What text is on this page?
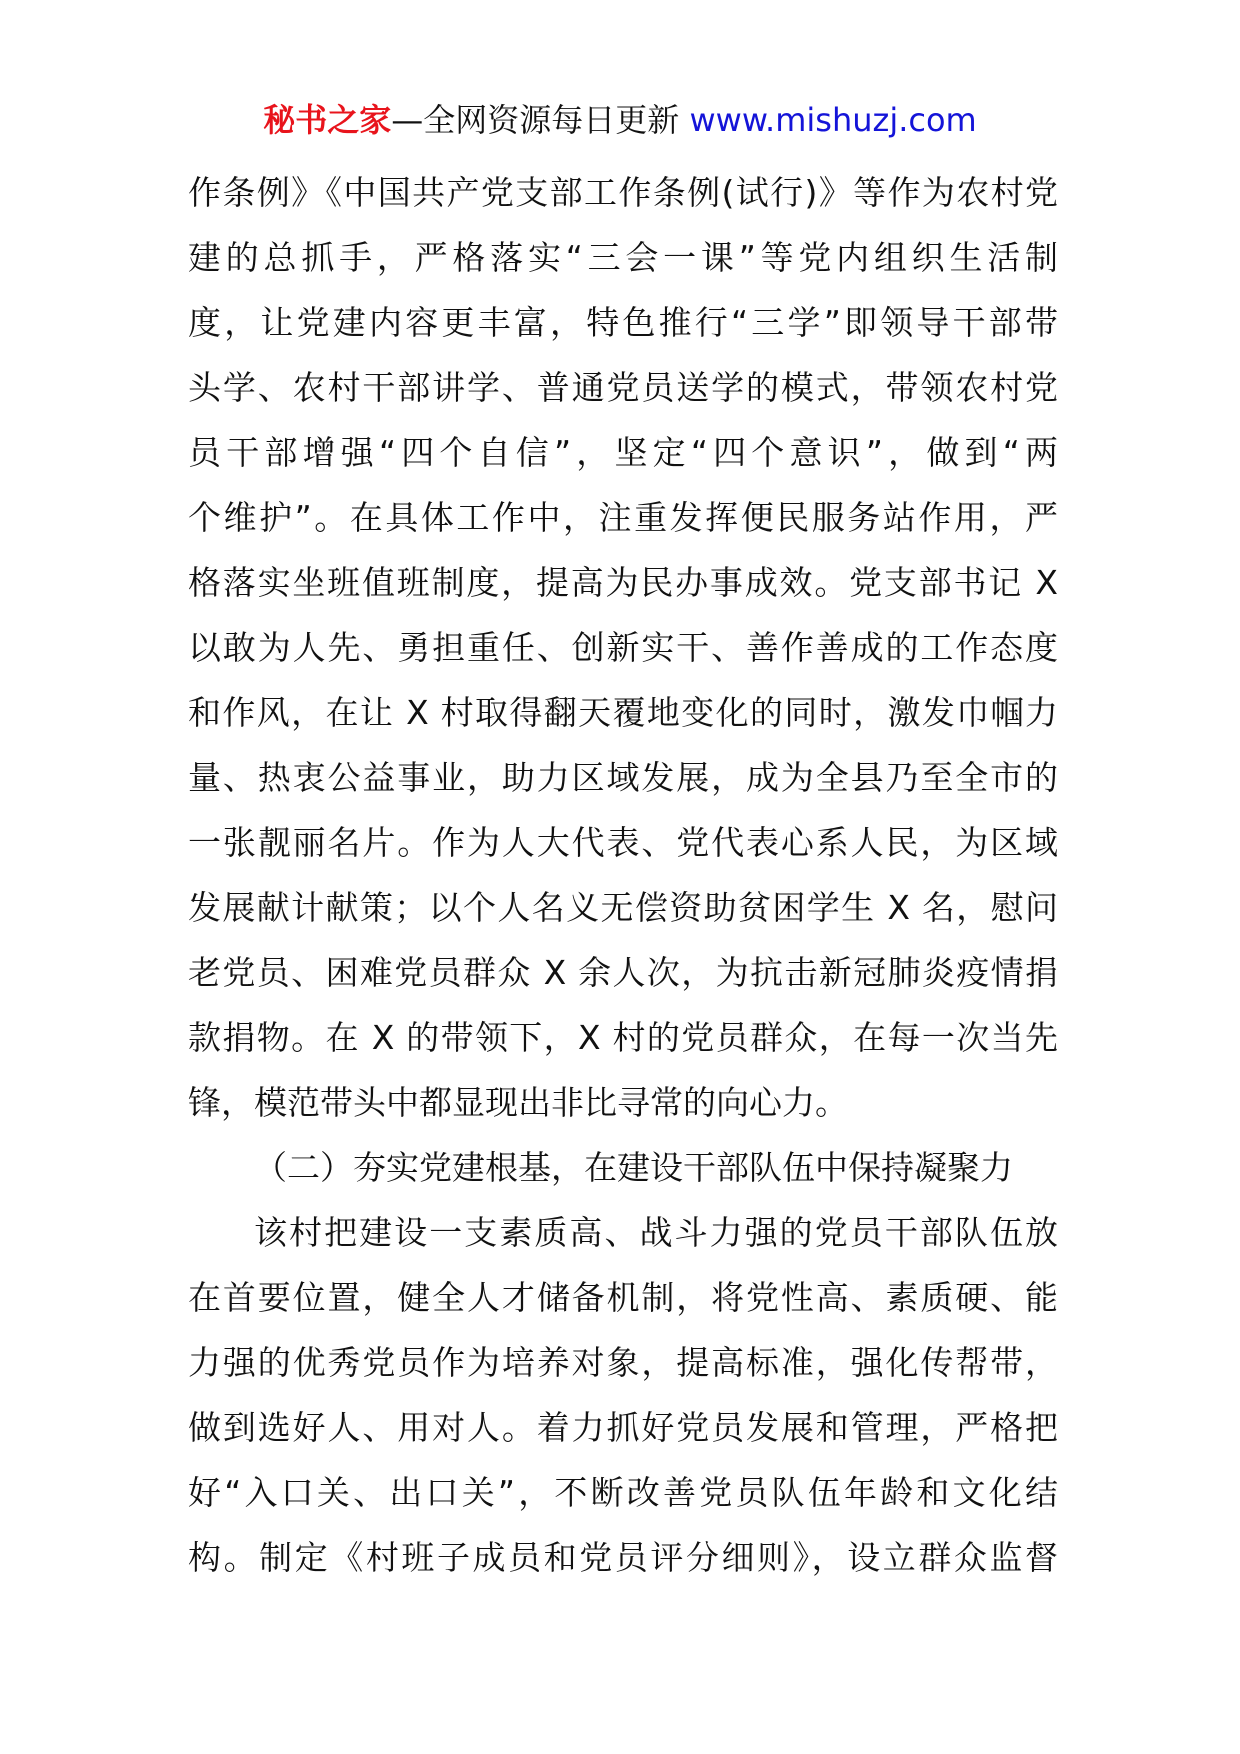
秘书之家—全网资源每日更新 www.mishuzj.com
作条例》《中国共产党支部工作条例(试行)》等作为农村党
建的总抓手，严格落实“三会一课”等党内组织生活制
度，让党建内容更丰富，特色推行“三学”即领导干部带
头学、农村干部讲学、普通党员送学的模式，带领农村党
员干部增强“四个自信”，坚定“四个意识”，做到“两
个维护”。在具体工作中，注重发挥便民服务站作用，严
格落实坐班值班制度，提高为民办事成效。党支部书记 X
以敢为人先、勇担重任、创新实干、善作善成的工作态度
和作风，在让 X 村取得翻天覆地变化的同时，激发巾帼力
量、热衷公益事业，助力区域发展，成为全县乃至全市的
一张靓丽名片。作为人大代表、党代表心系人民，为区域
发展献计献策；以个人名义无偿资助贫困学生 X 名，慰问
老党员、困难党员群众 X 余人次，为抗击新冠肺炎疫情捐
款捐物。在 X 的带领下，X 村的党员群众，在每一次当先
锋，模范带头中都显现出非比寻常的向心力。
（二）夯实党建根基，在建设干部队伍中保持凝聚力
该村把建设一支素质高、战斗力强的党员干部队伍放
在首要位置，健全人才储备机制，将党性高、素质硬、能
力强的优秀党员作为培养对象，提高标准，强化传帮带，
做到选好人、用对人。着力抓好党员发展和管理，严格把
好“入口关、出口关”，不断改善党员队伍年龄和文化结
构。制定《村班子成员和党员评分细则》，设立群众监督
